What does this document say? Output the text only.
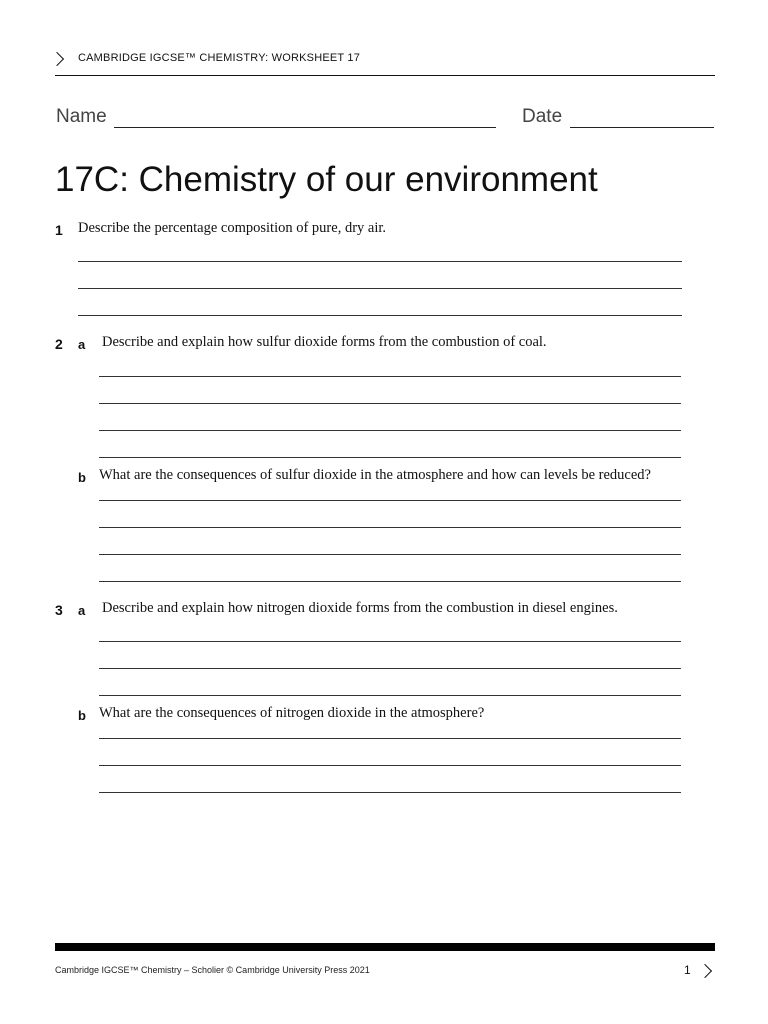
CAMBRIDGE IGCSE™ CHEMISTRY: WORKSHEET 17
Name	Date
17C: Chemistry of our environment
1 Describe the percentage composition of pure, dry air.
2 a Describe and explain how sulfur dioxide forms from the combustion of coal.
b What are the consequences of sulfur dioxide in the atmosphere and how can levels be reduced?
3 a Describe and explain how nitrogen dioxide forms from the combustion in diesel engines.
b What are the consequences of nitrogen dioxide in the atmosphere?
Cambridge IGCSE™ Chemistry – Scholier © Cambridge University Press 2021	1
